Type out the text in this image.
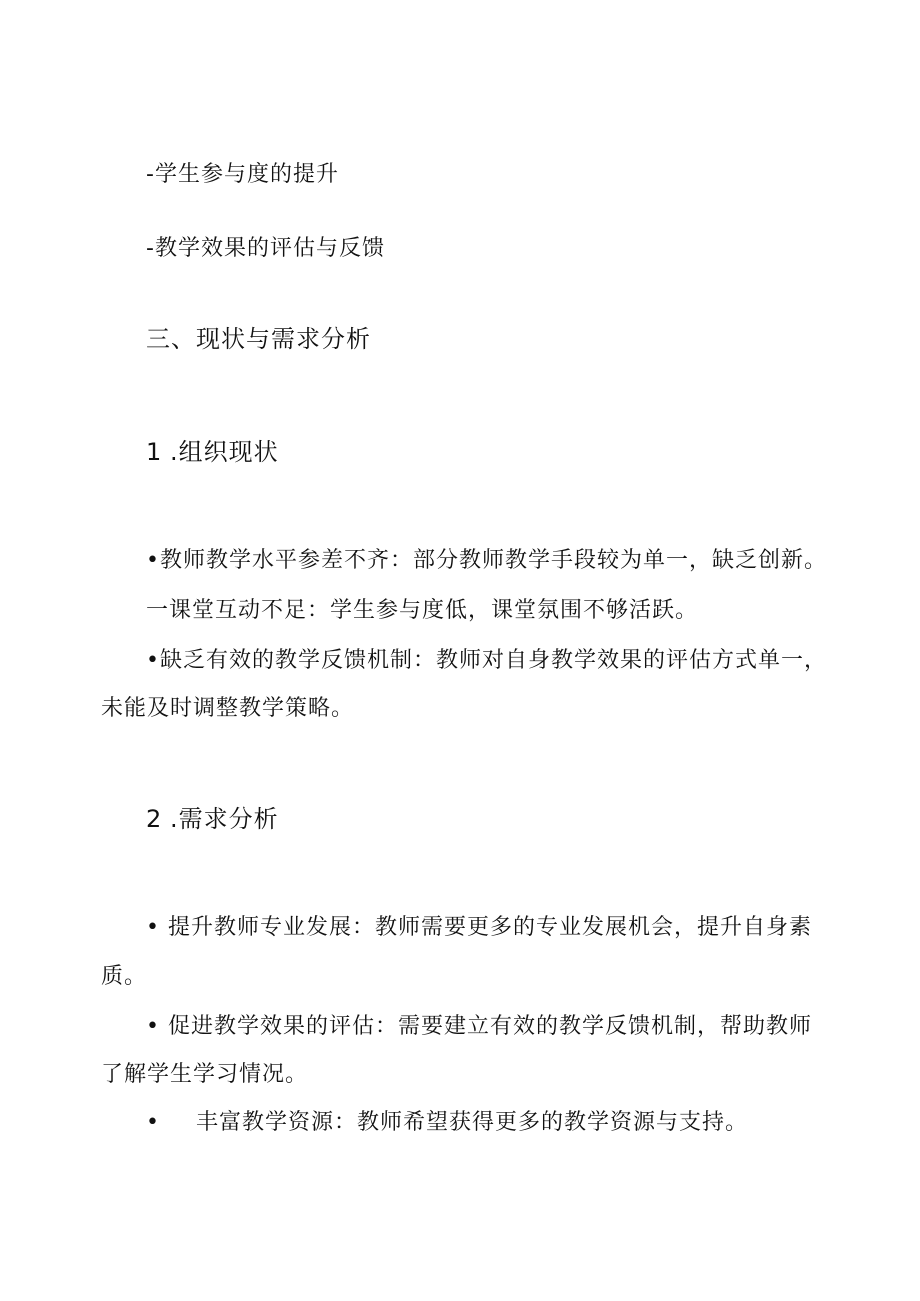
-学生参与度的提升
-教学效果的评估与反馈
三、现状与需求分析
1 .组织现状
•教师教学水平参差不齐：部分教师教学手段较为单一，缺乏创新。
一课堂互动不足：学生参与度低，课堂氛围不够活跃。
•缺乏有效的教学反馈机制：教师对自身教学效果的评估方式单一，
未能及时调整教学策略。
2 .需求分析
• 提升教师专业发展：教师需要更多的专业发展机会，提升自身素
质。
• 促进教学效果的评估：需要建立有效的教学反馈机制，帮助教师
了解学生学习情况。
• 丰富教学资源：教师希望获得更多的教学资源与支持。
